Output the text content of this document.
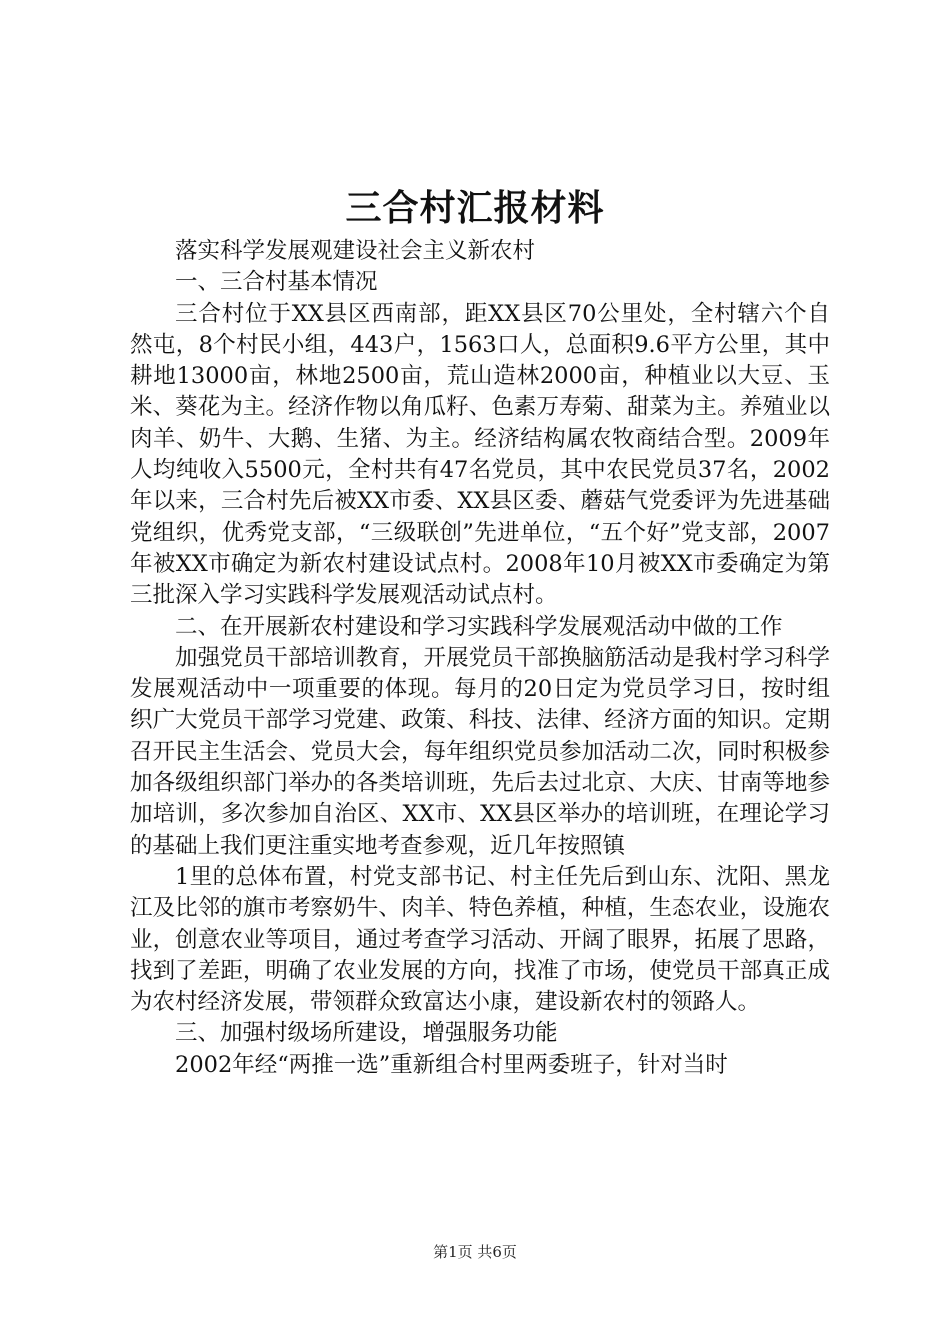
三合村汇报材料

落实科学发展观建设社会主义新农村

一、三合村基本情况

三合村位于XX县区西南部，距XX县区70公里处，全村辖六个自然屯，8个村民小组，443户，1563口人，总面积9.6平方公里，其中耕地13000亩，林地2500亩，荒山造林2000亩，种植业以大豆、玉米、葵花为主。经济作物以角瓜籽、色素万寿菊、甜菜为主。养殖业以肉羊、奶牛、大鹅、生猪、为主。经济结构属农牧商结合型。2009年人均纯收入5500元，全村共有47名党员，其中农民党员37名，2002年以来，三合村先后被XX市委、XX县区委、蘑菇气党委评为先进基础党组织，优秀党支部，“三级联创”先进单位，“五个好”党支部，2007年被XX市确定为新农村建设试点村。2008年10月被XX市委确定为第三批深入学习实践科学发展观活动试点村。

二、在开展新农村建设和学习实践科学发展观活动中做的工作

加强党员干部培训教育，开展党员干部换脑筋活动是我村学习科学发展观活动中一项重要的体现。每月的20日定为党员学习日，按时组织广大党员干部学习党建、政策、科技、法律、经济方面的知识。定期召开民主生活会、党员大会，每年组织党员参加活动二次，同时积极参加各级组织部门举办的各类培训班，先后去过北京、大庆、甘南等地参加培训，多次参加自治区、XX市、XX县区举办的培训班，在理论学习的基础上我们更注重实地考查参观，近几年按照镇

1里的总体布置，村党支部书记、村主任先后到山东、沈阳、黑龙江及比邻的旗市考察奶牛、肉羊、特色养植，种植，生态农业，设施农业，创意农业等项目，通过考查学习活动、开阔了眼界，拓展了思路，找到了差距，明确了农业发展的方向，找准了市场，使党员干部真正成为农村经济发展，带领群众致富达小康，建设新农村的领路人。

三、加强村级场所建设，增强服务功能

2002年经“两推一选”重新组合村里两委班子，针对当时

第1页 共6页
